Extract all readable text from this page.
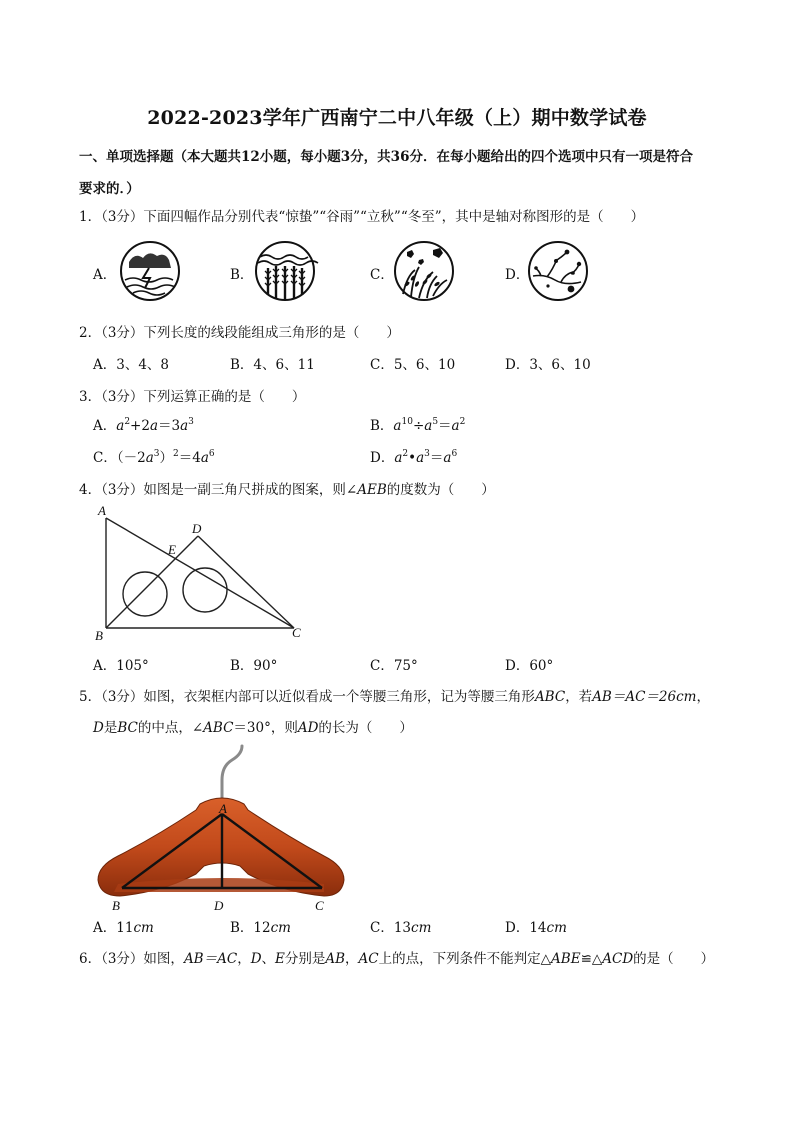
2022-2023学年广西南宁二中八年级（上）期中数学试卷
一、单项选择题（本大题共12小题，每小题3分，共36分．在每小题给出的四个选项中只有一项是符合
要求的．）
1．（3分）下面四幅作品分别代表“惊蛰”“谷雨”“立秋”“冬至”，其中是轴对称图形的是（　　）
A．	B．	C．	D．
2．（3分）下列长度的线段能组成三角形的是（　　）
A．3、4、8	B．4、6、11	C．5、6、10	D．3、6、10
3．（3分）下列运算正确的是（　　）
A．$a^2+2a=3a^3$	B．$a^{10}\div a^5=a^2$
C．$(-2a^3)^2=4a^6$	D．$a^2•a^3=a^6$
4．（3分）如图是一副三角尺拼成的图案，则∠AEB的度数为（　　）
A
B	C
D
E
A．105°	B．90°	C．75°	D．60°
5．（3分）如图，衣架框内部可以近似看成一个等腰三角形，记为等腰三角形ABC，若AB＝AC＝26cm，
D是BC的中点，∠ABC＝30°，则AD的长为（　　）
A
B	C
D
A．11cm	B．12cm	C．13cm	D．14cm
6．（3分）如图，AB＝AC，D、E分别是AB，AC上的点，下列条件不能判定△ABE≌△ACD的是（　　）
